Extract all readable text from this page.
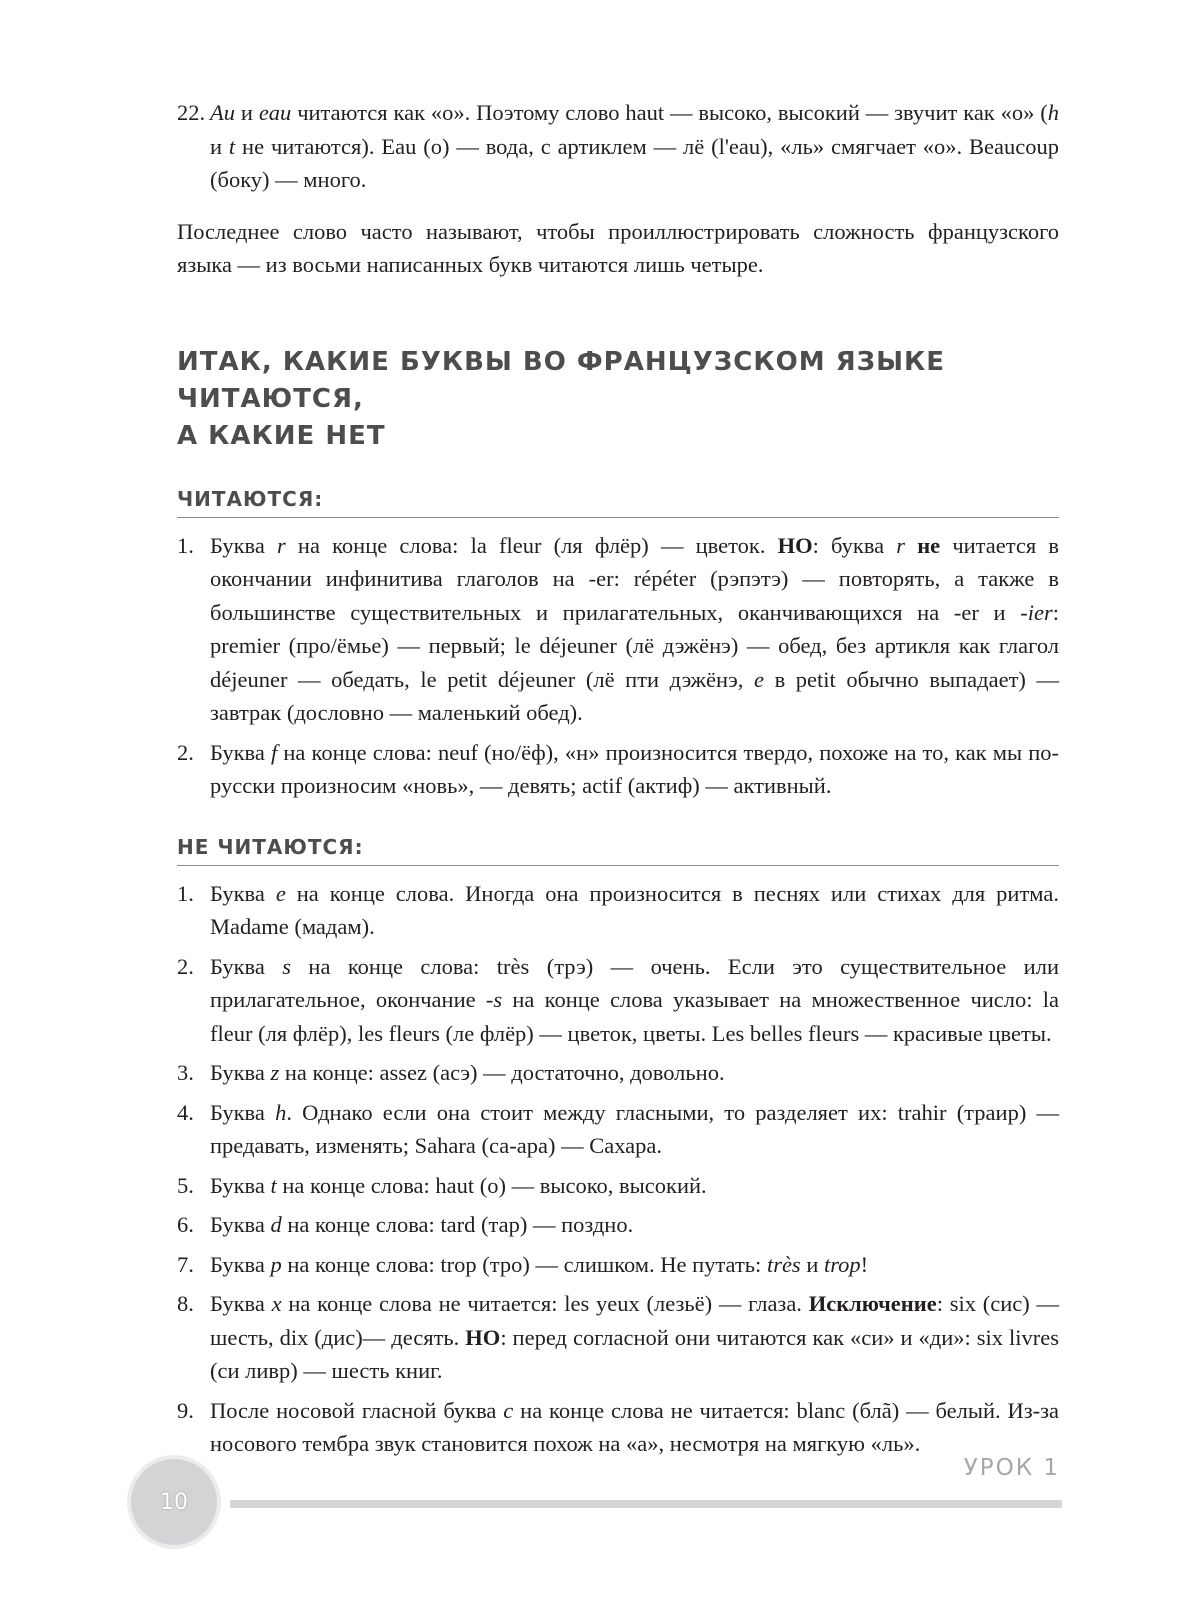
22. Au и eau читаются как «о». Поэтому слово haut — высоко, высокий — звучит как «о» (h и t не читаются). Eau (о) — вода, с артиклем — лё (l'eau), «ль» смягчает «о». Beaucoup (боку) — много.

Последнее слово часто называют, чтобы проиллюстрировать сложность французского языка — из восьми написанных букв читаются лишь четыре.

ИТАК, КАКИЕ БУКВЫ ВО ФРАНЦУЗСКОМ ЯЗЫКЕ ЧИТАЮТСЯ,
А КАКИЕ НЕТ
ЧИТАЮТСЯ:
1. Буква r на конце слова: la fleur (ля флёр) — цветок. НО: буква r не читается в окончании инфинитива глаголов на -er: répéter (рэпэтэ) — повторять, а также в большинстве существительных и прилагательных, оканчивающихся на -er и -ier: premier (про/ёмье) — первый; le déjeuner (лё дэжёнэ) — обед, без артикля как глагол déjeuner — обедать, le petit déjeuner (лё пти дэжёнэ, e в petit обычно выпадает) — завтрак (дословно — маленький обед).
2. Буква f на конце слова: neuf (но/ёф), «н» произносится твердо, похоже на то, как мы по-русски произносим «новь», — девять; actif (актиф) — активный.
НЕ ЧИТАЮТСЯ:
1. Буква e на конце слова. Иногда она произносится в песнях или стихах для ритма. Madame (мадам).
2. Буква s на конце слова: très (трэ) — очень. Если это существительное или прилагательное, окончание -s на конце слова указывает на множественное число: la fleur (ля флёр), les fleurs (ле флёр) — цветок, цветы. Les belles fleurs — красивые цветы.
3. Буква z на конце: assez (асэ) — достаточно, довольно.
4. Буква h. Однако если она стоит между гласными, то разделяет их: trahir (траир) — предавать, изменять; Sahara (са-ара) — Сахара.
5. Буква t на конце слова: haut (о) — высоко, высокий.
6. Буква d на конце слова: tard (тар) — поздно.
7. Буква p на конце слова: trop (тро) — слишком. Не путать: très и trop!
8. Буква x на конце слова не читается: les yeux (лезьё) — глаза. Исключение: six (сис) — шесть, dix (дис)— десять. НО: перед согласной они читаются как «си» и «ди»: six livres (си ливр) — шесть книг.
9. После носовой гласной буква c на конце слова не читается: blanc (блã) — белый. Из-за носового тембра звук становится похож на «а», несмотря на мягкую «ль».
10
УРОК 1
